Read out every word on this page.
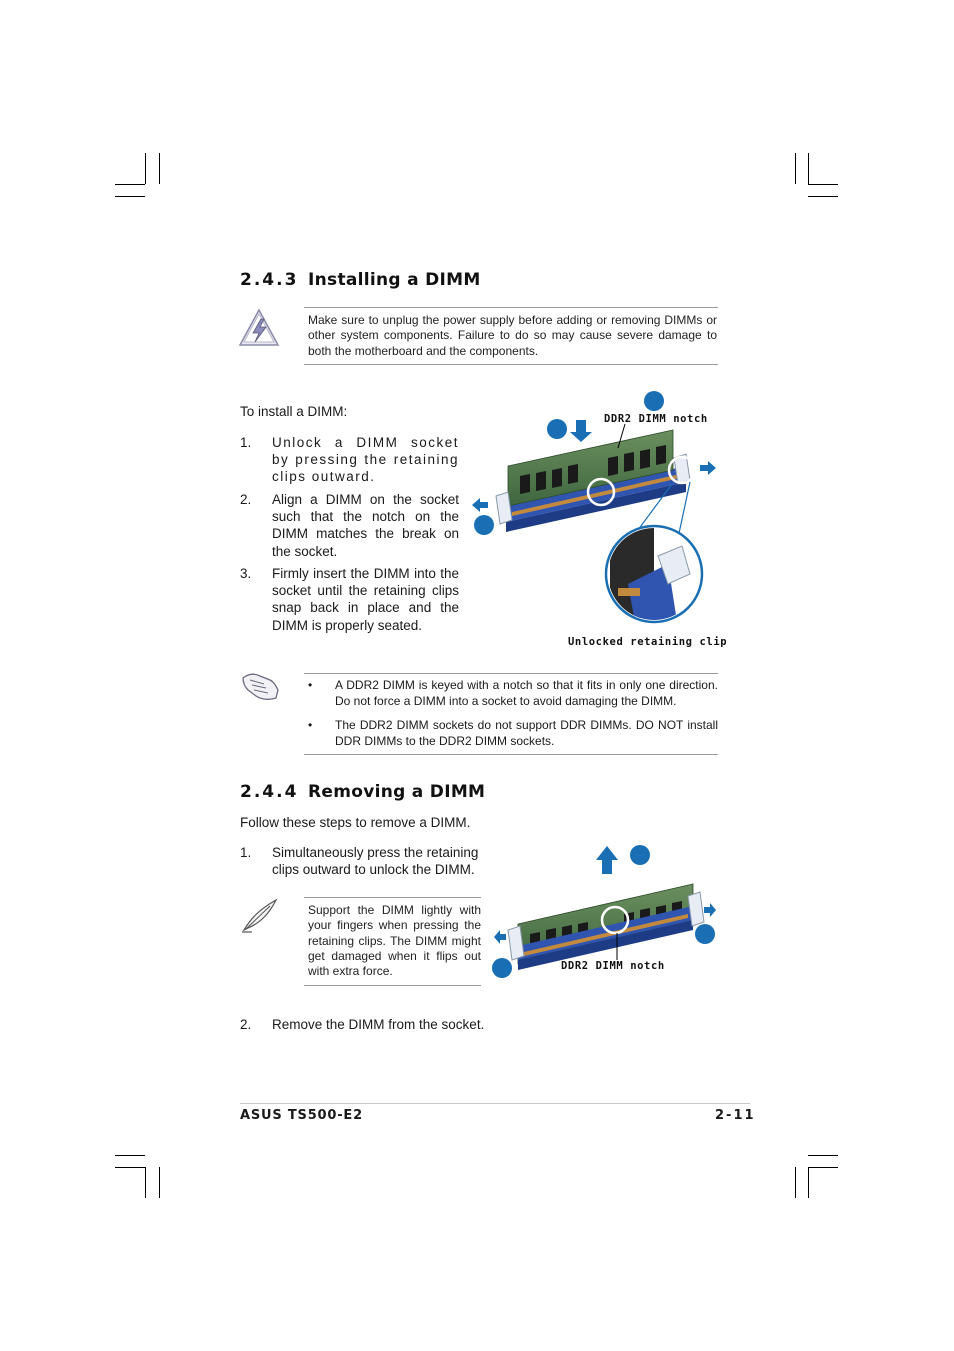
2.4.3 Installing a DIMM
Make sure to unplug the power supply before adding or removing DIMMs or other system components. Failure to do so may cause severe damage to both the motherboard and the components.
To install a DIMM:
1. Unlock a DIMM socket by pressing the retaining clips outward.
2. Align a DIMM on the socket such that the notch on the DIMM matches the break on the socket.
3. Firmly insert the DIMM into the socket until the retaining clips snap back in place and the DIMM is properly seated.
DDR2 DIMM notch
Unlocked retaining clip
• A DDR2 DIMM is keyed with a notch so that it fits in only one direction. Do not force a DIMM into a socket to avoid damaging the DIMM.
• The DDR2 DIMM sockets do not support DDR DIMMs. DO NOT install DDR DIMMs to the DDR2 DIMM sockets.
2.4.4 Removing a DIMM
Follow these steps to remove a DIMM.
1. Simultaneously press the retaining clips outward to unlock the DIMM.
Support the DIMM lightly with your fingers when pressing the retaining clips. The DIMM might get damaged when it flips out with extra force.	DDR2 DIMM notch
2. Remove the DIMM from the socket.
ASUS TS500-E2	2-11
